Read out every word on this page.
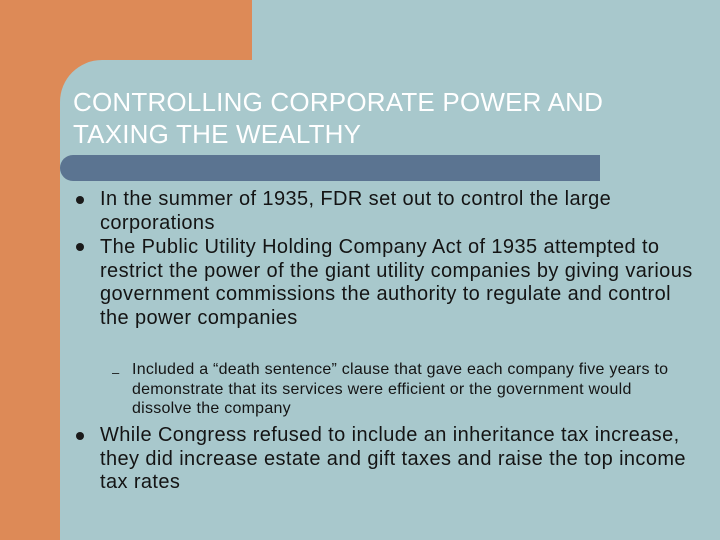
CONTROLLING CORPORATE POWER AND TAXING THE WEALTHY
In the summer of 1935, FDR set out to control the large corporations
The Public Utility Holding Company Act of 1935 attempted to restrict the power of the giant utility companies by giving various government commissions the authority to regulate and control the power companies
– Included a “death sentence” clause that gave each company five years to demonstrate that its services were efficient or the government would dissolve the company
While Congress refused to include an inheritance tax increase, they did increase estate and gift taxes and raise the top income tax rates
